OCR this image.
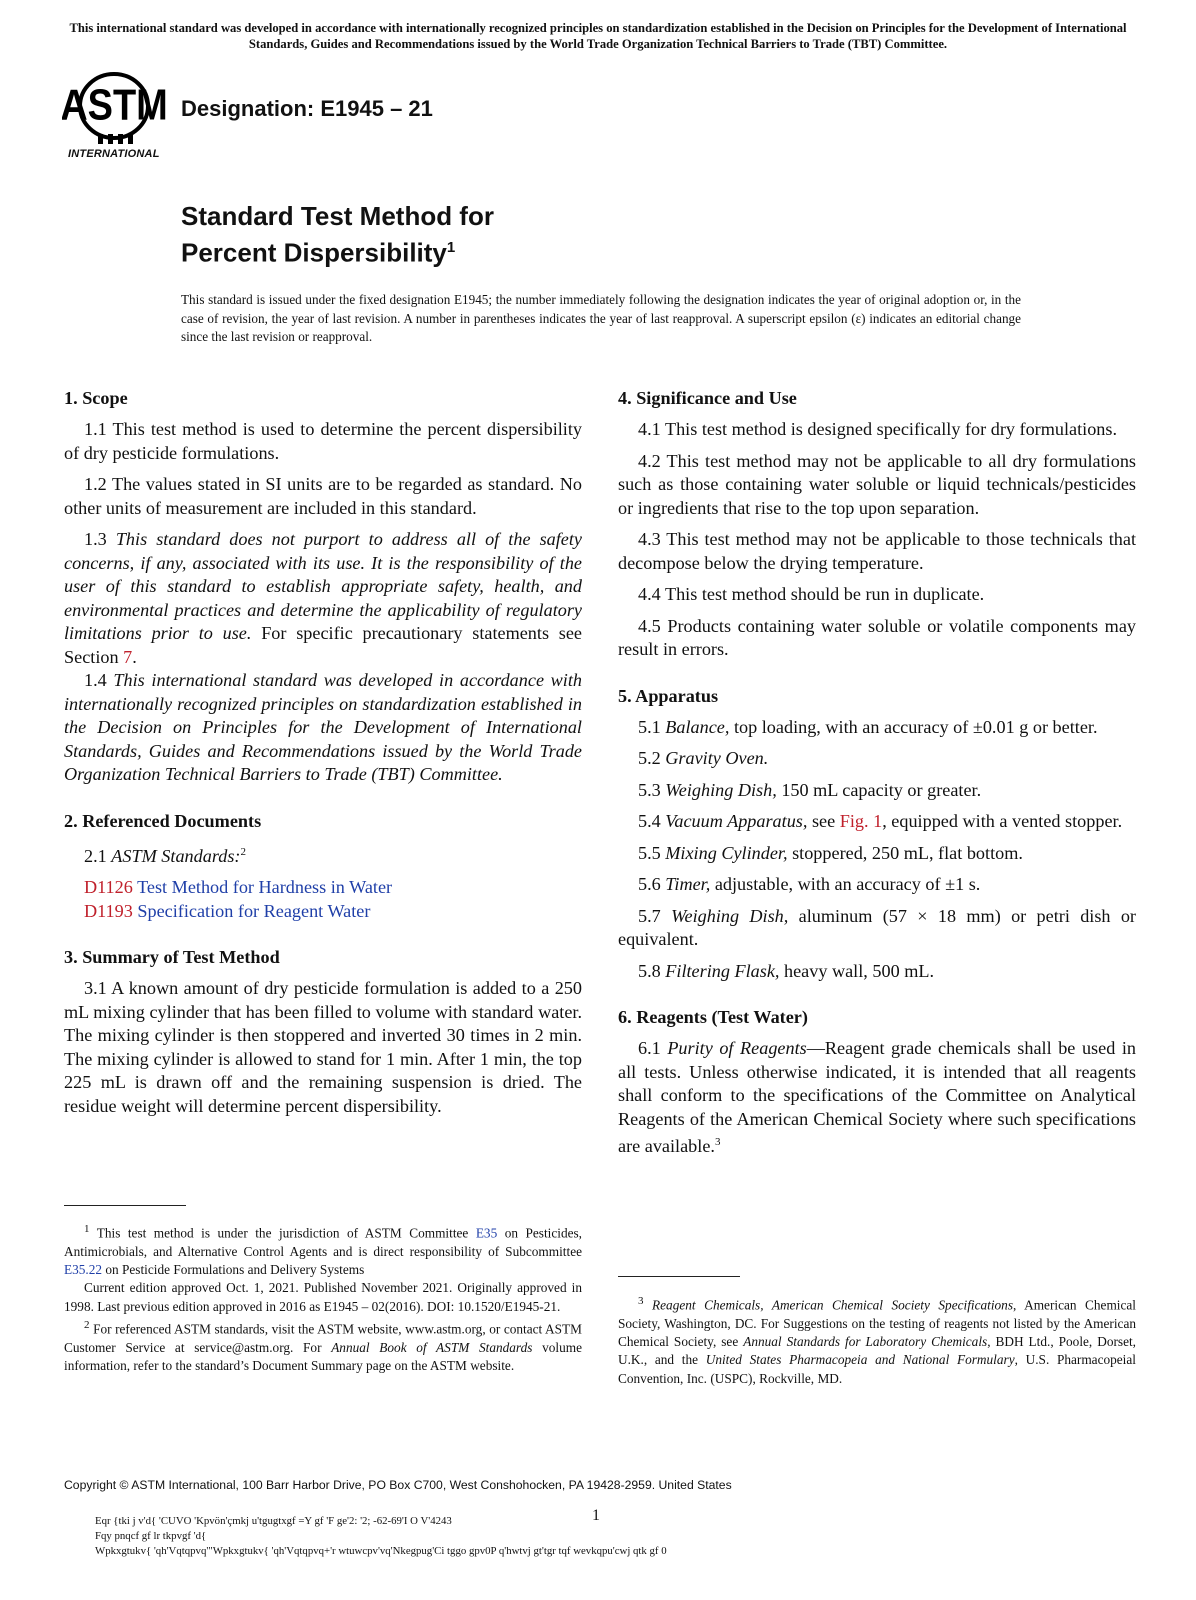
This international standard was developed in accordance with internationally recognized principles on standardization established in the Decision on Principles for the Development of International Standards, Guides and Recommendations issued by the World Trade Organization Technical Barriers to Trade (TBT) Committee.
ASTM
INTERNATIONAL
Designation: E1945 – 21
Standard Test Method for
Percent Dispersibility$^1$
This standard is issued under the fixed designation E1945; the number immediately following the designation indicates the year of original adoption or, in the case of revision, the year of last revision. A number in parentheses indicates the year of last reapproval. A superscript epsilon (ε) indicates an editorial change since the last revision or reapproval.
1. Scope

1.1 This test method is used to determine the percent dispersibility of dry pesticide formulations.

1.2 The values stated in SI units are to be regarded as standard. No other units of measurement are included in this standard.

1.3 This standard does not purport to address all of the safety concerns, if any, associated with its use. It is the responsibility of the user of this standard to establish appropriate safety, health, and environmental practices and determine the applicability of regulatory limitations prior to use. For specific precautionary statements see Section 7.

1.4 This international standard was developed in accordance with internationally recognized principles on standardization established in the Decision on Principles for the Development of International Standards, Guides and Recommendations issued by the World Trade Organization Technical Barriers to Trade (TBT) Committee.

2. Referenced Documents

2.1 ASTM Standards:$^2$

D1126 Test Method for Hardness in Water
D1193 Specification for Reagent Water
3. Summary of Test Method

3.1 A known amount of dry pesticide formulation is added to a 250 mL mixing cylinder that has been filled to volume with standard water. The mixing cylinder is then stoppered and inverted 30 times in 2 min. The mixing cylinder is allowed to stand for 1 min. After 1 min, the top 225 mL is drawn off and the remaining suspension is dried. The residue weight will determine percent dispersibility.

4. Significance and Use

4.1 This test method is designed specifically for dry formulations.

4.2 This test method may not be applicable to all dry formulations such as those containing water soluble or liquid technicals/pesticides or ingredients that rise to the top upon separation.

4.3 This test method may not be applicable to those technicals that decompose below the drying temperature.

4.4 This test method should be run in duplicate.

4.5 Products containing water soluble or volatile components may result in errors.

5. Apparatus

5.1 Balance, top loading, with an accuracy of ±0.01 g or better.

5.2 Gravity Oven.

5.3 Weighing Dish, 150 mL capacity or greater.

5.4 Vacuum Apparatus, see Fig. 1, equipped with a vented stopper.

5.5 Mixing Cylinder, stoppered, 250 mL, flat bottom.

5.6 Timer, adjustable, with an accuracy of ±1 s.

5.7 Weighing Dish, aluminum (57 × 18 mm) or petri dish or equivalent.

5.8 Filtering Flask, heavy wall, 500 mL.

6. Reagents (Test Water)

6.1 Purity of Reagents—Reagent grade chemicals shall be used in all tests. Unless otherwise indicated, it is intended that all reagents shall conform to the specifications of the Committee on Analytical Reagents of the American Chemical Society where such specifications are available.$^3$

$^1$ This test method is under the jurisdiction of ASTM Committee E35 on Pesticides, Antimicrobials, and Alternative Control Agents and is direct responsibility of Subcommittee E35.22 on Pesticide Formulations and Delivery Systems

Current edition approved Oct. 1, 2021. Published November 2021. Originally approved in 1998. Last previous edition approved in 2016 as E1945 – 02(2016). DOI: 10.1520/E1945-21.

$^2$ For referenced ASTM standards, visit the ASTM website, www.astm.org, or contact ASTM Customer Service at service@astm.org. For Annual Book of ASTM Standards volume information, refer to the standard’s Document Summary page on the ASTM website.

$^3$ Reagent Chemicals, American Chemical Society Specifications, American Chemical Society, Washington, DC. For Suggestions on the testing of reagents not listed by the American Chemical Society, see Annual Standards for Laboratory Chemicals, BDH Ltd., Poole, Dorset, U.K., and the United States Pharmacopeia and National Formulary, U.S. Pharmacopeial Convention, Inc. (USPC), Rockville, MD.

Copyright © ASTM International, 100 Barr Harbor Drive, PO Box C700, West Conshohocken, PA 19428-2959. United States
1
Eqr {tki j v'd{ 'CUVO 'Kpvön'çmkj u'tgugtxgf =Y gf 'F ge'2: '2; -62-69'I O V'4243
Fqy pnqcf gf lr tkpvgf 'd{
Wpkxgtukv{ 'qh'Vqtqpvq'"Wpkxgtukv{ 'qh'Vqtqpvq+'r wtuwcpv'vq'Nkegpug'Ci tggo gpv0P q'hwtvj gt'tgr tqf wevkqpu'cwj qtk gf 0
